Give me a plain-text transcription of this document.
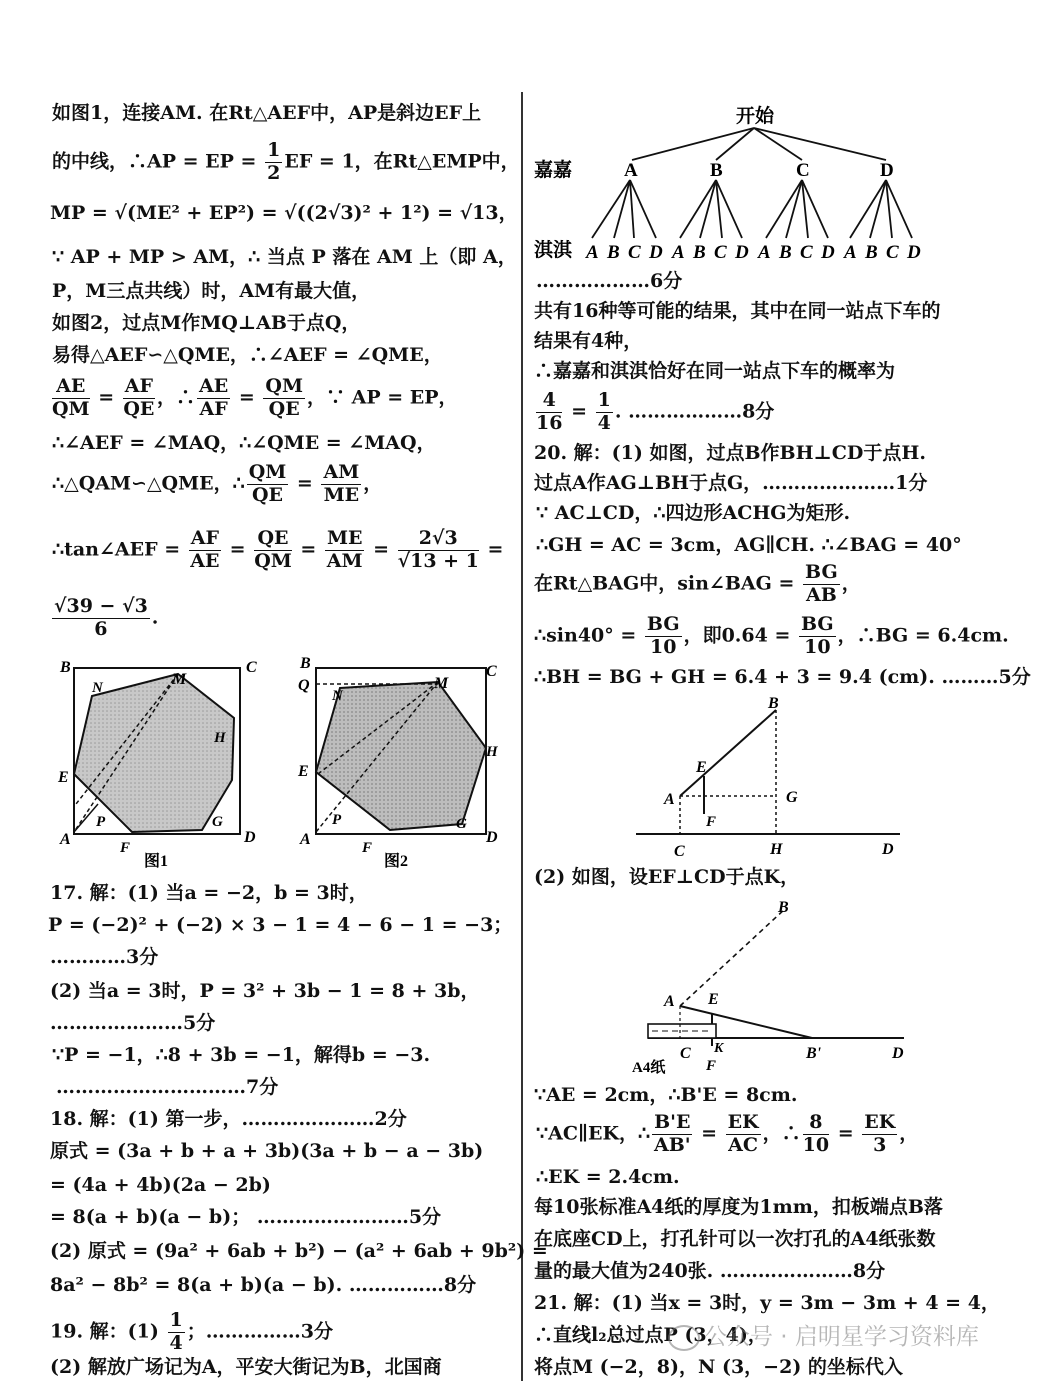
如图1，连接AM. 在Rt△AEF中，AP是斜边EF上
的中线，∴AP = EP = $\frac{1}{2}$ EF = 1，在Rt△EMP中，
MP = √(ME² + EP²) = √((2√3)² + 1²) = √13，
∵ AP + MP > AM，∴ 当点 P 落在 AM 上（即 A，
P，M三点共线）时，AM有最大值，
如图2，过点M作MQ⊥AB于点Q，
易得△AEF∽△QME，∴∠AEF = ∠QME，
$\frac{AE}{QM} = \frac{AF}{QE}$ ，∴ $\frac{AE}{AF} = \frac{QM}{QE}$ ，∵ AP = EP，
∴∠AEF = ∠MAQ，∴∠QME = ∠MAQ，
∴△QAM∽△QME，∴ $\frac{QM}{QE} = \frac{AM}{ME}$ ，
∴tan∠AEF = $\frac{AF}{AE} = \frac{QE}{QM} = \frac{ME}{AM} = \frac{2√3}{√13 + 1}$ =
$\frac{√39 - √3}{6}$ .
B	C
N	M
H
E
P	G
A	F
D
图1
B
Q
C
N
M
H
E
P	G
A	F
D
图2
17. 解：(1) 当a = −2，b = 3时，
P = (−2)² + (−2) × 3 − 1 = 4 − 6 − 1 = −3；
…………3分
(2) 当a = 3时，P = 3² + 3b − 1 = 8 + 3b，
…………………5分
∵P = −1，∴8 + 3b = −1，解得b = −3.
…………………………7分
18. 解：(1) 第一步，…………………2分
原式 = (3a + b + a + 3b)(3a + b − a − 3b)
= (4a + 4b)(2a − 2b)
= 8(a + b)(a − b)； ……………………5分
(2) 原式 = (9a² + 6ab + b²) − (a² + 6ab + 9b²) =
8a² − 8b² = 8(a + b)(a − b). ……………8分
19. 解：$(1) \frac{1}{4}$ ；……………3分
(2) 解放广场记为A，平安大街记为B，北国商
开始
嘉嘉
淇淇
A	B	C	D
A B C D A B C D A B C D A B C D
………………6分
共有16种等可能的结果，其中在同一站点下车的
结果有4种，
∴嘉嘉和淇淇恰好在同一站点下车的概率为
$\frac{4}{16} = \frac{1}{4}$ . ………………8分
20. 解：(1) 如图，过点B作BH⊥CD于点H.
过点A作AG⊥BH于点G，…………………1分
∵ AC⊥CD，∴四边形ACHG为矩形.
∴GH = AC = 3cm，AG∥CH. ∴∠BAG = 40°
在Rt△BAG中，sin∠BAG = $\frac{BG}{AB}$ ，
∴sin40° = $\frac{BG}{10}$ ，即$0.64 = \frac{BG}{10}$ ，∴BG = 6.4cm.
∴BH = BG + GH = 6.4 + 3 = 9.4 (cm). ………5分
B
E
A	G
F
C	H	D
(2) 如图，设EF⊥CD于点K，
B
A E
C K
F
B'	D
A4纸
∵AE = 2cm，∴B'E = 8cm.
∵AC∥EK，∴ $\frac{B'E}{AB'} = \frac{EK}{AC}$ ，∴ $\frac{8}{10} = \frac{EK}{3}$ ，
∴EK = 2.4cm.
每10张标准A4纸的厚度为1mm，扣板端点B落
在底座CD上，打孔针可以一次打孔的A4纸张数
量的最大值为240张. …………………8分
21. 解：(1) 当x = 3时，y = 3m − 3m + 4 = 4，
∴直线l₂总过点P (3，4)，
将点M (−2，8)，N (3，−2) 的坐标代入
公众号 · 启明星学习资料库
